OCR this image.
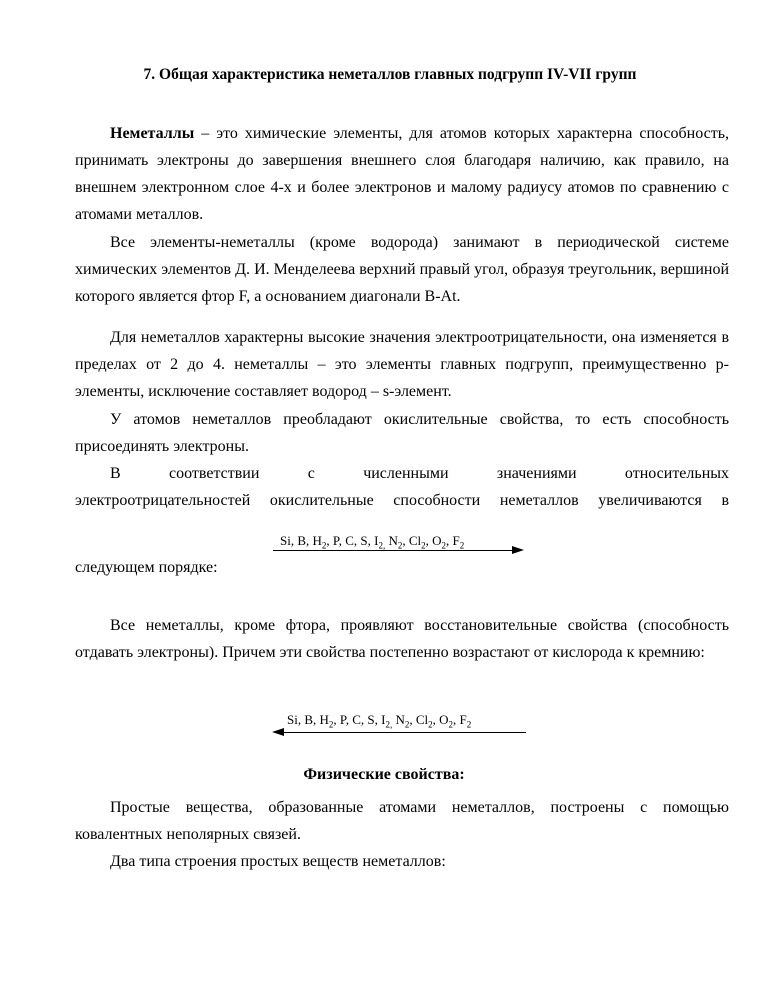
7. Общая характеристика неметаллов главных подгрупп IV-VII групп

Неметаллы – это химические элементы, для атомов которых характерна способность, принимать электроны до завершения внешнего слоя благодаря наличию, как правило, на внешнем электронном слое 4-х и более электронов и малому радиусу атомов по сравнению с атомами металлов.

Все элементы-неметаллы (кроме водорода) занимают в периодической системе химических элементов Д. И. Менделеева верхний правый угол, образуя треугольник, вершиной которого является фтор F, а основанием диагонали B-At.

Для неметаллов характерны высокие значения электроотрицательности, она изменяется в пределах от 2 до 4. неметаллы – это элементы главных подгрупп, преимущественно p-элементы, исключение составляет водород – s-элемент.

У атомов неметаллов преобладают окислительные свойства, то есть способность присоединять электроны.

В соответствии с численными значениями относительных
электроотрицательностей окислительные способности неметаллов увеличиваются в
Si, B, $H_2$, P, C, S, $I_{2,}$ $N_2$, $Cl_2$, $O_2$, $F_2$
следующем порядке:

Все неметаллы, кроме фтора, проявляют восстановительные свойства (способность отдавать электроны). Причем эти свойства постепенно возрастают от кислорода к кремнию:

Si, B, $H_2$, P, C, S, $I_{2,}$ $N_2$, $Cl_2$, $O_2$, $F_2$
Физические свойства:

Простые вещества, образованные атомами неметаллов, построены с помощью ковалентных неполярных связей.

Два типа строения простых веществ неметаллов:
